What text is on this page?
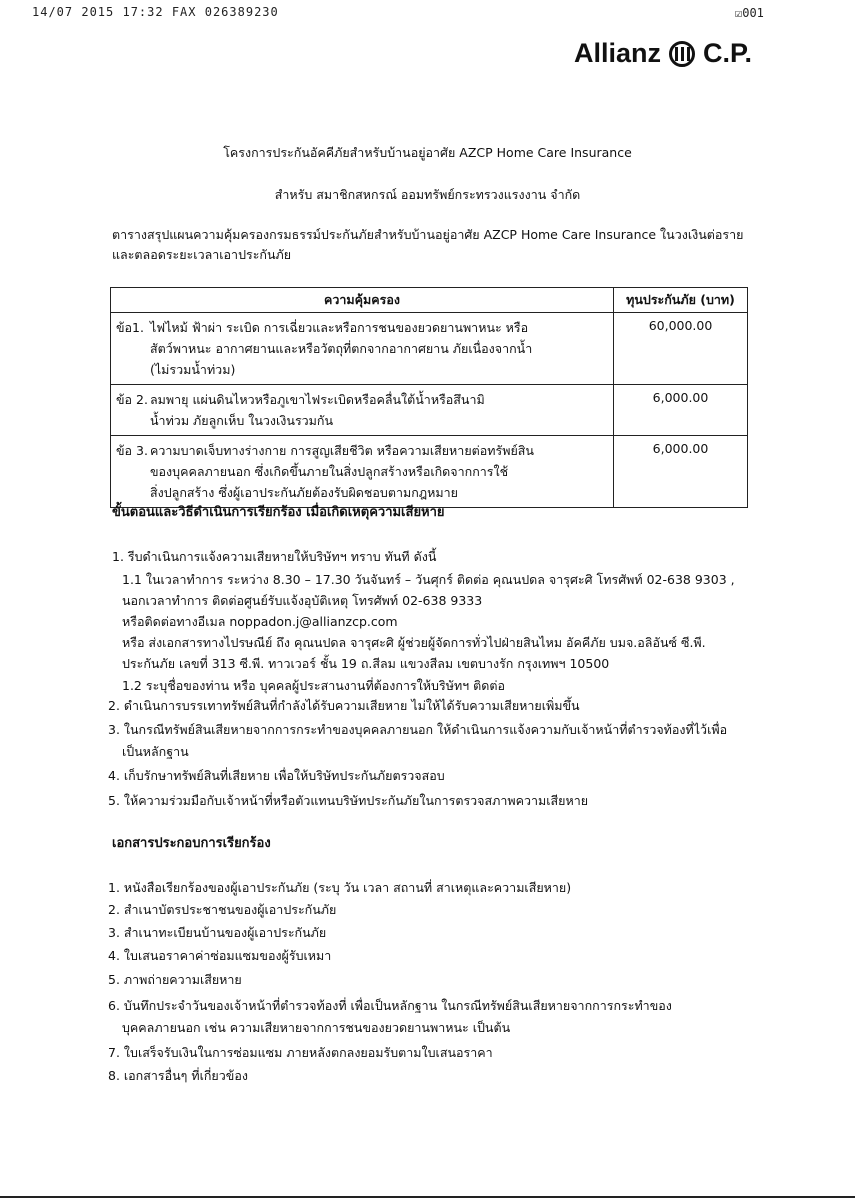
14/07 2015 17:32 FAX 026389230	☑001
Allianz C.P.
โครงการประกันอัคคีภัยสำหรับบ้านอยู่อาศัย AZCP Home Care Insurance
สำหรับ สมาชิกสหกรณ์ ออมทรัพย์กระทรวงแรงงาน จำกัด
ตารางสรุปแผนความคุ้มครองกรมธรรม์ประกันภัยสำหรับบ้านอยู่อาศัย AZCP Home Care Insurance ในวงเงินต่อราย
และตลอดระยะเวลาเอาประกันภัย
ความคุ้มครอง	ทุนประกันภัย (บาท)

ข้อ1. ไฟไหม้ ฟ้าผ่า ระเบิด การเฉี่ยวและหรือการชนของยวดยานพาหนะ หรือ
สัตว์พาหนะ อากาศยานและหรือวัตถุที่ตกจากอากาศยาน ภัยเนื่องจากน้ำ
(ไม่รวมน้ำท่วม)	60,000.00

ข้อ 2. ลมพายุ แผ่นดินไหวหรือภูเขาไฟระเบิดหรือคลื่นใต้น้ำหรือสึนามิ
น้ำท่วม ภัยลูกเห็บ ในวงเงินรวมกัน	6,000.00

ข้อ 3. ความบาดเจ็บทางร่างกาย การสูญเสียชีวิต หรือความเสียหายต่อทรัพย์สิน
ของบุคคลภายนอก ซึ่งเกิดขึ้นภายในสิ่งปลูกสร้างหรือเกิดจากการใช้
สิ่งปลูกสร้าง ซึ่งผู้เอาประกันภัยต้องรับผิดชอบตามกฎหมาย	6,000.00
ขั้นตอนและวิธีดำเนินการเรียกร้อง เมื่อเกิดเหตุความเสียหาย
1. รีบดำเนินการแจ้งความเสียหายให้บริษัทฯ ทราบ ทันที ดังนี้
1.1 ในเวลาทำการ ระหว่าง 8.30 – 17.30 วันจันทร์ – วันศุกร์ ติดต่อ คุณนปดล จารุศะศิ โทรศัพท์ 02-638 9303 ,
นอกเวลาทำการ ติดต่อศูนย์รับแจ้งอุบัติเหตุ โทรศัพท์ 02-638 9333
หรือติดต่อทางอีเมล noppadon.j@allianzcp.com
หรือ ส่งเอกสารทางไปรษณีย์ ถึง คุณนปดล จารุศะศิ ผู้ช่วยผู้จัดการทั่วไปฝ่ายสินไหม อัคคีภัย บมจ.อลิอันซ์ ซี.พี.
ประกันภัย เลขที่ 313 ซี.พี. ทาวเวอร์ ชั้น 19 ถ.สีลม แขวงสีลม เขตบางรัก กรุงเทพฯ 10500
1.2 ระบุชื่อของท่าน หรือ บุคคลผู้ประสานงานที่ต้องการให้บริษัทฯ ติดต่อ
2. ดำเนินการบรรเทาทรัพย์สินที่กำลังได้รับความเสียหาย ไม่ให้ได้รับความเสียหายเพิ่มขึ้น
3. ในกรณีทรัพย์สินเสียหายจากการกระทำของบุคคลภายนอก ให้ดำเนินการแจ้งความกับเจ้าหน้าที่ตำรวจท้องที่ไว้เพื่อ
เป็นหลักฐาน
4. เก็บรักษาทรัพย์สินที่เสียหาย เพื่อให้บริษัทประกันภัยตรวจสอบ
5. ให้ความร่วมมือกับเจ้าหน้าที่หรือตัวแทนบริษัทประกันภัยในการตรวจสภาพความเสียหาย
เอกสารประกอบการเรียกร้อง
1. หนังสือเรียกร้องของผู้เอาประกันภัย (ระบุ วัน เวลา สถานที่ สาเหตุและความเสียหาย)
2. สำเนาบัตรประชาชนของผู้เอาประกันภัย
3. สำเนาทะเบียนบ้านของผู้เอาประกันภัย
4. ใบเสนอราคาค่าซ่อมแซมของผู้รับเหมา
5. ภาพถ่ายความเสียหาย
6. บันทึกประจำวันของเจ้าหน้าที่ตำรวจท้องที่ เพื่อเป็นหลักฐาน ในกรณีทรัพย์สินเสียหายจากการกระทำของ
บุคคลภายนอก เช่น ความเสียหายจากการชนของยวดยานพาหนะ เป็นต้น
7. ใบเสร็จรับเงินในการซ่อมแซม ภายหลังตกลงยอมรับตามใบเสนอราคา
8. เอกสารอื่นๆ ที่เกี่ยวข้อง
